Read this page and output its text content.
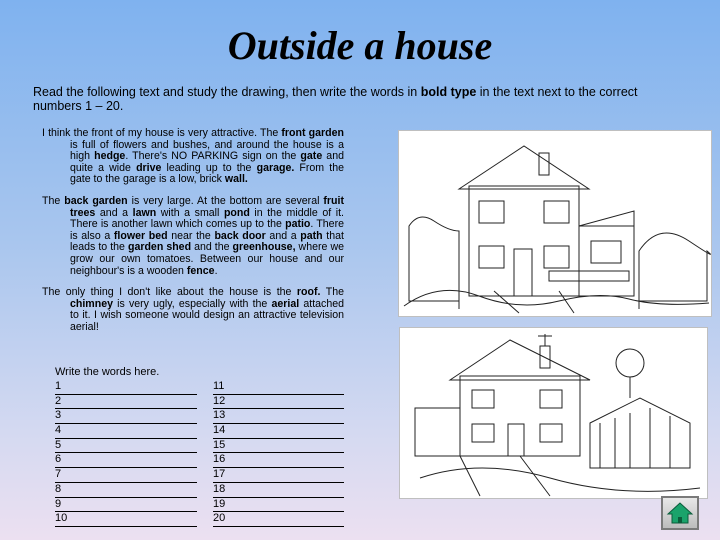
Outside a house
Read the following text and study the drawing, then write the words in bold type in the text next to the correct numbers 1 – 20.

I think the front of my house is very attractive. The front garden is full of flowers and bushes, and around the house is a high hedge. There's NO PARKING sign on the gate and quite a wide drive leading up to the garage. From the gate to the garage is a low, brick wall.

The back garden is very large. At the bottom are several fruit trees and a lawn with a small pond in the middle of it. There is another lawn which comes up to the patio. There is also a flower bed near the back door and a path that leads to the garden shed and the greenhouse, where we grow our own tomatoes. Between our house and our neighbour's is a wooden fence.

The only thing I don't like about the house is the roof. The chimney is very ugly, especially with the aerial attached to it. I wish someone would design an attractive television aerial!

Write the words here.
1
2
3
4
5
6
7
8
9
10
11
12
13
14
15
16
17
18
19
20
